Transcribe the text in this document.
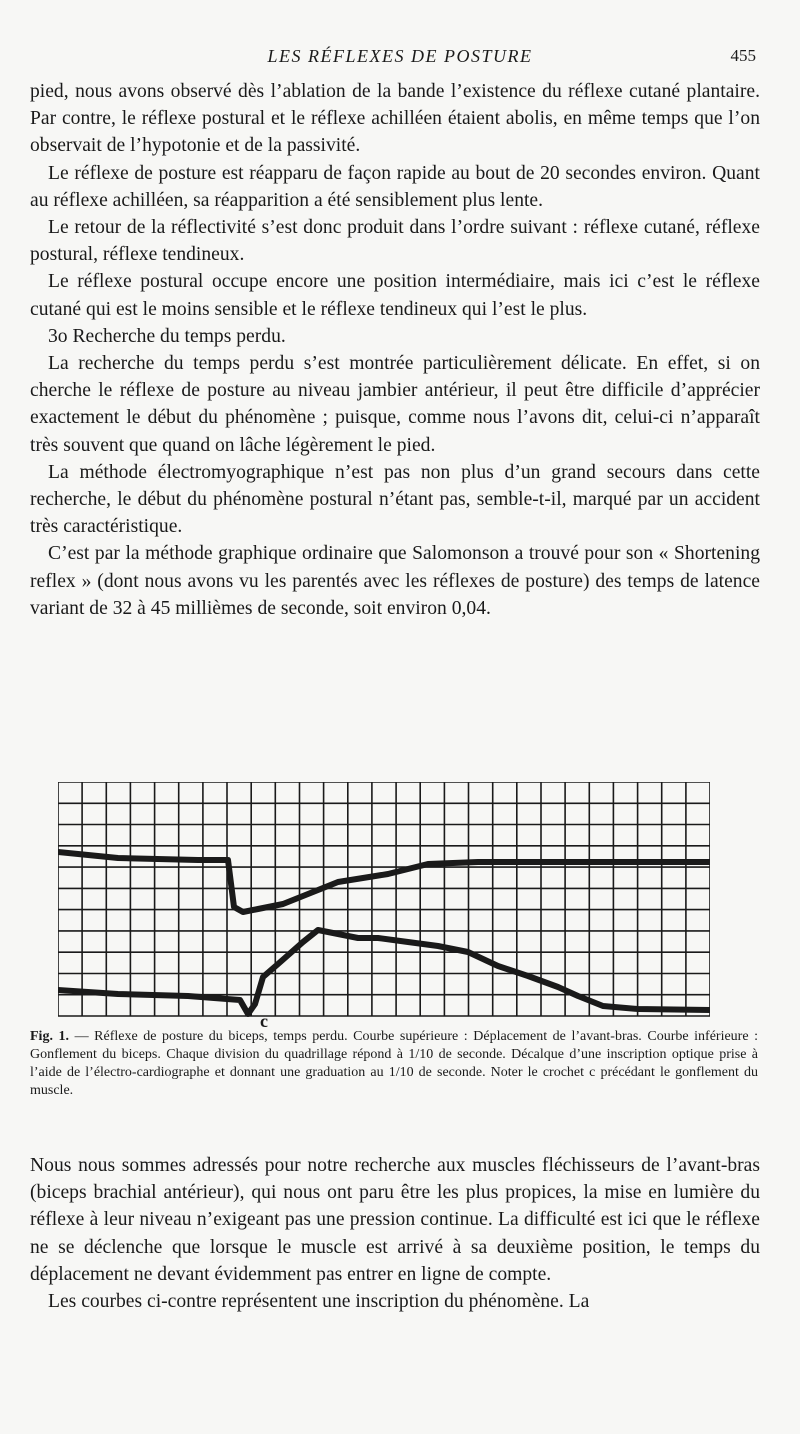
LES RÉFLEXES DE POSTURE	455

pied, nous avons observé dès l’ablation de la bande l’existence du réflexe cutané plantaire. Par contre, le réflexe postural et le réflexe achilléen étaient abolis, en même temps que l’on observait de l’hypotonie et de la passivité.

Le réflexe de posture est réapparu de façon rapide au bout de 20 secondes environ. Quant au réflexe achilléen, sa réapparition a été sensiblement plus lente.

Le retour de la réflectivité s’est donc produit dans l’ordre suivant : réflexe cutané, réflexe postural, réflexe tendineux.

Le réflexe postural occupe encore une position intermédiaire, mais ici c’est le réflexe cutané qui est le moins sensible et le réflexe tendineux qui l’est le plus.

3o Recherche du temps perdu.

La recherche du temps perdu s’est montrée particulièrement délicate. En effet, si on cherche le réflexe de posture au niveau jambier antérieur, il peut être difficile d’apprécier exactement le début du phénomène ; puisque, comme nous l’avons dit, celui-ci n’apparaît très souvent que quand on lâche légèrement le pied.

La méthode électromyographique n’est pas non plus d’un grand secours dans cette recherche, le début du phénomène postural n’étant pas, semble-t-il, marqué par un accident très caractéristique.

C’est par la méthode graphique ordinaire que Salomonson a trouvé pour son « Shortening reflex » (dont nous avons vu les parentés avec les réflexes de posture) des temps de latence variant de 32 à 45 millièmes de seconde, soit environ 0,04.

c
Fig. 1. — Réflexe de posture du biceps, temps perdu. Courbe supérieure : Déplacement de l’avant-bras. Courbe inférieure : Gonflement du biceps. Chaque division du quadrillage répond à 1/10 de seconde. Décalque d’une inscription optique prise à l’aide de l’électro-cardiographe et donnant une graduation au 1/10 de seconde. Noter le crochet c précédant le gonflement du muscle.

Nous nous sommes adressés pour notre recherche aux muscles fléchisseurs de l’avant-bras (biceps brachial antérieur), qui nous ont paru être les plus propices, la mise en lumière du réflexe à leur niveau n’exigeant pas une pression continue. La difficulté est ici que le réflexe ne se déclenche que lorsque le muscle est arrivé à sa deuxième position, le temps du déplacement ne devant évidemment pas entrer en ligne de compte.

Les courbes ci-contre représentent une inscription du phénomène. La
